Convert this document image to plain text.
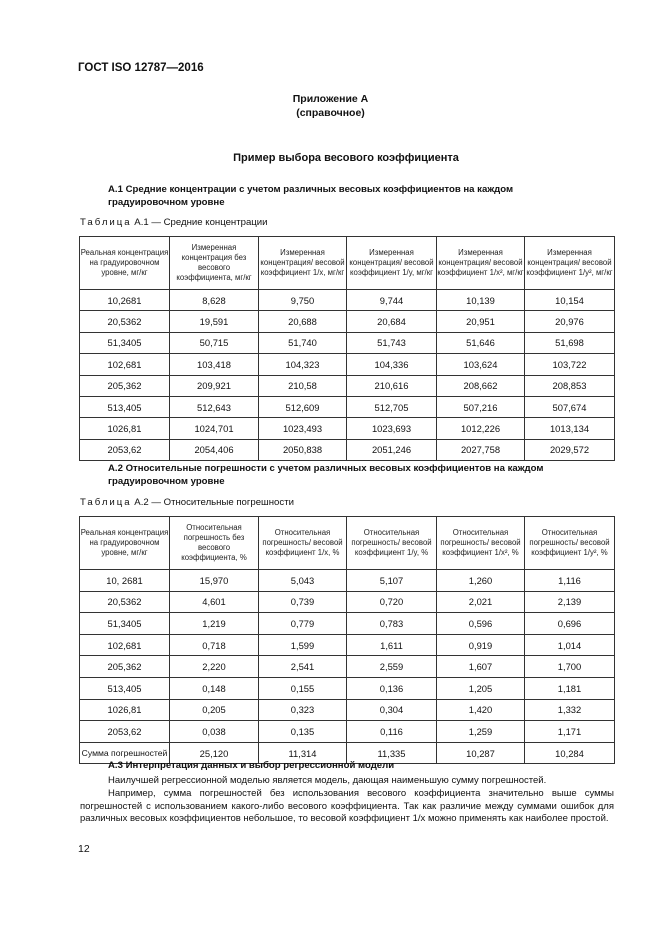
ГОСТ ISO 12787—2016
Приложение А
(справочное)
Пример выбора весового коэффициента
А.1 Средние концентрации с учетом различных весовых коэффициентов на каждом градуировочном уровне
Таблица А.1 — Средние концентрации
Реальная концентрация на градуировочном уровне, мг/кг	Измеренная концентрация без весового коэффициента, мг/кг	Измеренная концентрация/ весовой коэффициент 1/x, мг/кг	Измеренная концентрация/ весовой коэффициент 1/y, мг/кг	Измеренная концентрация/ весовой коэффициент 1/x², мг/кг	Измеренная концентрация/ весовой коэффициент 1/y², мг/кг
10,2681	8,628	9,750	9,744	10,139	10,154
20,5362	19,591	20,688	20,684	20,951	20,976
51,3405	50,715	51,740	51,743	51,646	51,698
102,681	103,418	104,323	104,336	103,624	103,722
205,362	209,921	210,58	210,616	208,662	208,853
513,405	512,643	512,609	512,705	507,216	507,674
1026,81	1024,701	1023,493	1023,693	1012,226	1013,134
2053,62	2054,406	2050,838	2051,246	2027,758	2029,572
А.2 Относительные погрешности с учетом различных весовых коэффициентов на каждом градуировочном уровне
Таблица А.2 — Относительные погрешности
Реальная концентрация на градуировочном уровне, мг/кг	Относительная погрешность без весового коэффициента, %	Относительная погрешность/ весовой коэффициент 1/x, %	Относительная погрешность/ весовой коэффициент 1/y, %	Относительная погрешность/ весовой коэффициент 1/x², %	Относительная погрешность/ весовой коэффициент 1/y², %
10, 2681	15,970	5,043	5,107	1,260	1,116
20,5362	4,601	0,739	0,720	2,021	2,139
51,3405	1,219	0,779	0,783	0,596	0,696
102,681	0,718	1,599	1,611	0,919	1,014
205,362	2,220	2,541	2,559	1,607	1,700
513,405	0,148	0,155	0,136	1,205	1,181
1026,81	0,205	0,323	0,304	1,420	1,332
2053,62	0,038	0,135	0,116	1,259	1,171
Сумма погрешностей	25,120	11,314	11,335	10,287	10,284
А.3 Интерпретация данных и выбор регрессионной модели
Наилучшей регрессионной моделью является модель, дающая наименьшую сумму погрешностей.
Например, сумма погрешностей без использования весового коэффициента значительно выше суммы погрешностей с использованием какого-либо весового коэффициента. Так как различие между суммами ошибок для различных весовых коэффициентов небольшое, то весовой коэффициент 1/x можно применять как наиболее простой.
12
